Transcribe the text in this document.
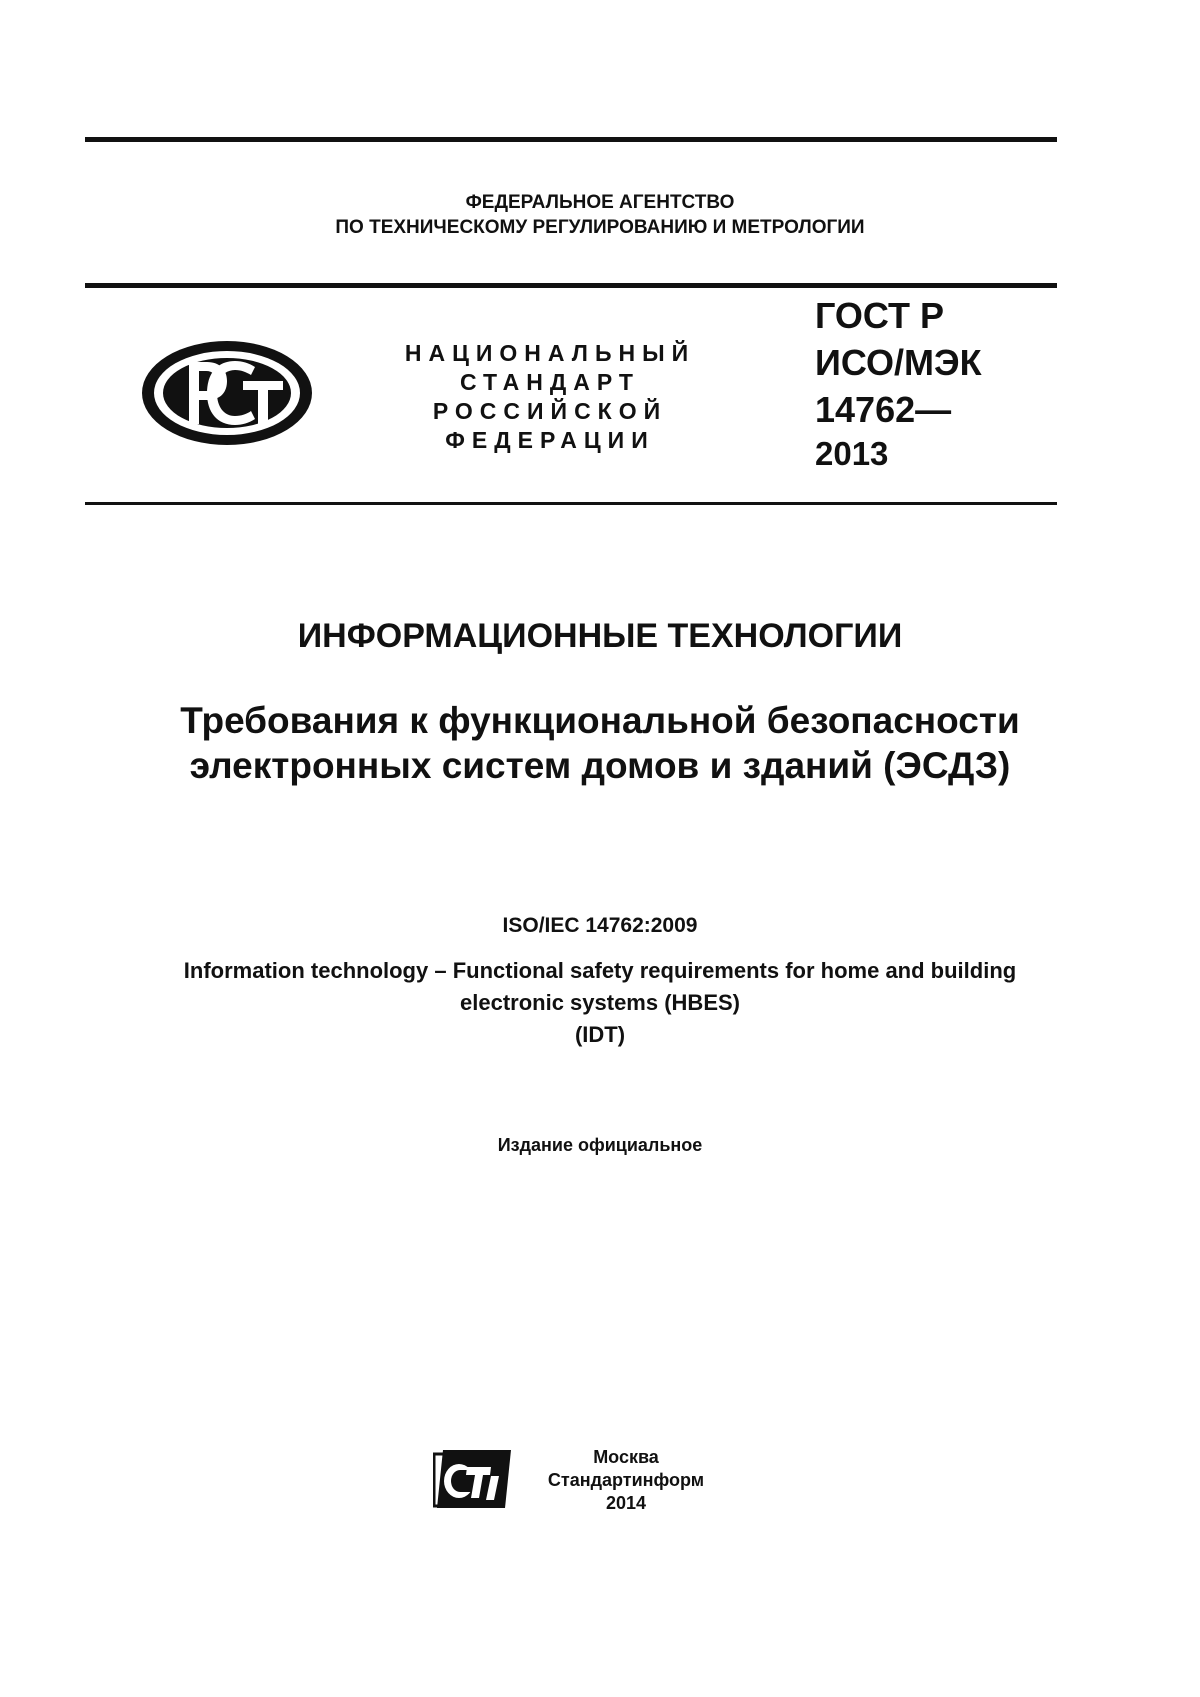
ФЕДЕРАЛЬНОЕ АГЕНТСТВО
ПО ТЕХНИЧЕСКОМУ РЕГУЛИРОВАНИЮ И МЕТРОЛОГИИ
НАЦИОНАЛЬНЫЙ
СТАНДАРТ
РОССИЙСКОЙ
ФЕДЕРАЦИИ
ГОСТ Р
ИСО/МЭК
14762—
2013
ИНФОРМАЦИОННЫЕ ТЕХНОЛОГИИ
Требования к функциональной безопасности
электронных систем домов и зданий (ЭСДЗ)
ISO/IEC 14762:2009
Information technology – Functional safety requirements for home and building
electronic systems (HBES)
(IDT)
Издание официальное
Москва
Стандартинформ
2014
